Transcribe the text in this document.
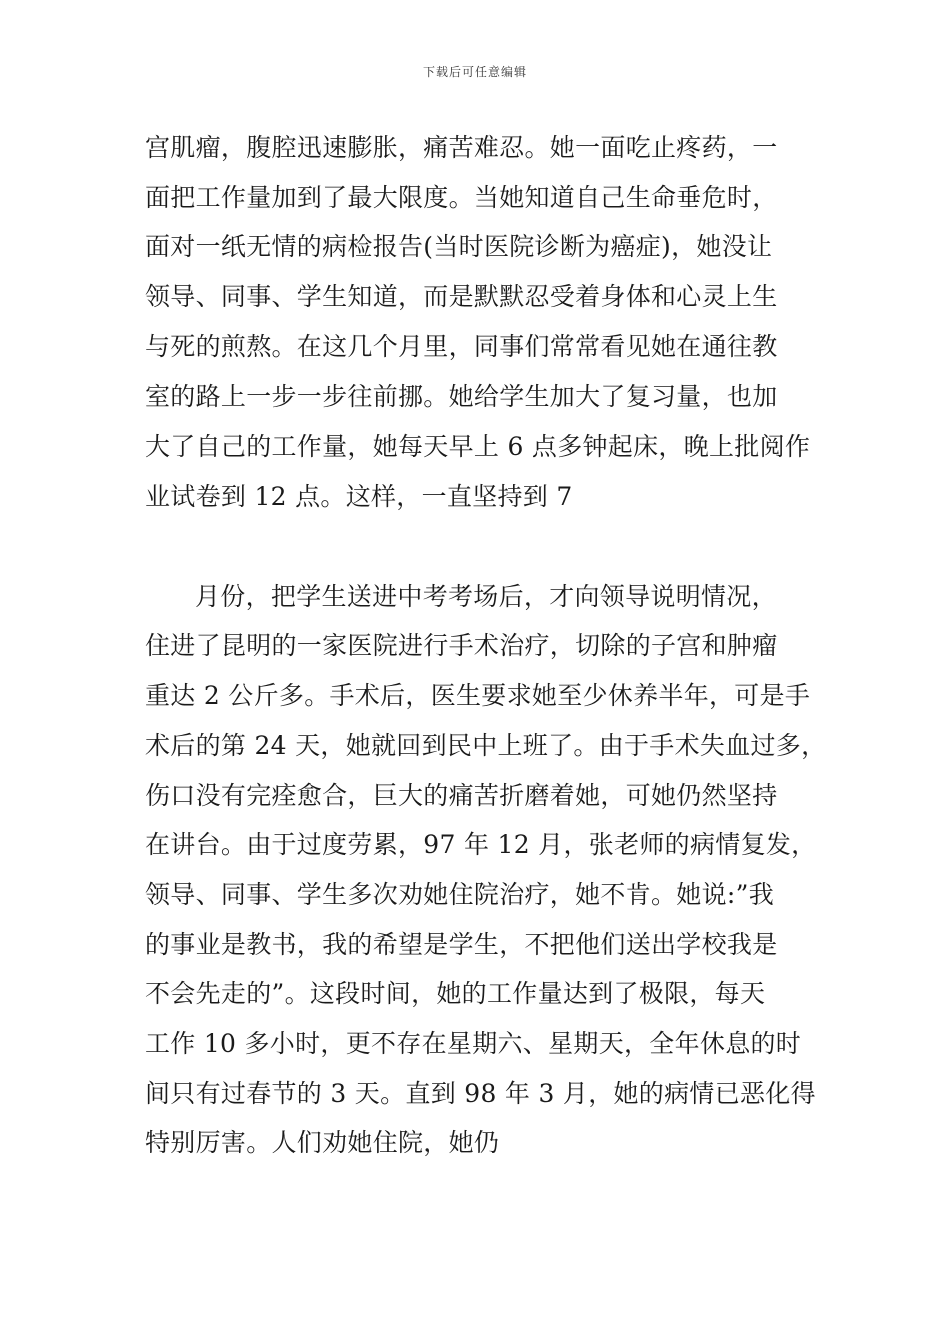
下载后可任意编辑
宫肌瘤，腹腔迅速膨胀，痛苦难忍。她一面吃止疼药，一
面把工作量加到了最大限度。当她知道自己生命垂危时，
面对一纸无情的病检报告(当时医院诊断为癌症)，她没让
领导、同事、学生知道，而是默默忍受着身体和心灵上生
与死的煎熬。在这几个月里，同事们常常看见她在通往教
室的路上一步一步往前挪。她给学生加大了复习量，也加
大了自己的工作量，她每天早上 6 点多钟起床，晚上批阅作
业试卷到 12 点。这样，一直坚持到 7
月份，把学生送进中考考场后，才向领导说明情况，
住进了昆明的一家医院进行手术治疗，切除的子宫和肿瘤
重达 2 公斤多。手术后，医生要求她至少休养半年，可是手
术后的第 24 天，她就回到民中上班了。由于手术失血过多，
伤口没有完痊愈合，巨大的痛苦折磨着她，可她仍然坚持
在讲台。由于过度劳累，97 年 12 月，张老师的病情复发，
领导、同事、学生多次劝她住院治疗，她不肯。她说:”我
的事业是教书，我的希望是学生，不把他们送出学校我是
不会先走的”。这段时间，她的工作量达到了极限，每天
工作 10 多小时，更不存在星期六、星期天，全年休息的时
间只有过春节的 3 天。直到 98 年 3 月，她的病情已恶化得
特别厉害。人们劝她住院，她仍
